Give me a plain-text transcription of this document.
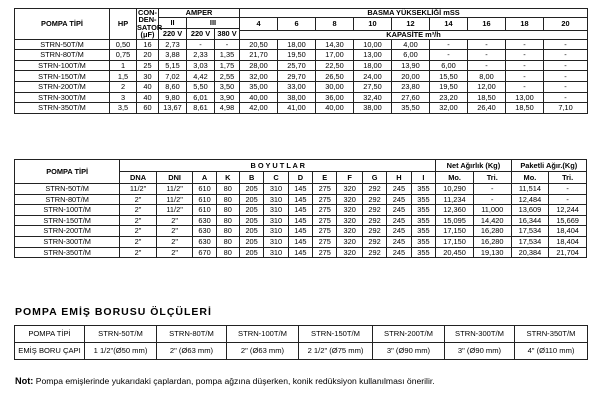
POMPA TİPİ	HP	CON-
DEN-
SATOR
(μF)	AMPER			BASMA YÜKSEKLİĞİ mSS								
			II	III		4	6	8	10	12	14	16	18	20
			220 V	220 V	380 V									
						KAPASİTE m³/h								
STRN-50T/M	0,50	16	2,73	-	-	20,50	18,00	14,30	10,00	4,00	-	-	-	-
STRN-80T/M	0,75	20	3,88	2,33	1,35	21,70	19,50	17,00	13,00	6,00	-	-	-	-
STRN-100T/M	1	25	5,15	3,03	1,75	28,00	25,70	22,50	18,00	13,90	6,00	-	-	-
STRN-150T/M	1,5	30	7,02	4,42	2,55	32,00	29,70	26,50	24,00	20,00	15,50	8,00	-	-
STRN-200T/M	2	40	8,60	5,50	3,50	35,00	33,00	30,00	27,50	23,80	19,50	12,00	-	-
STRN-300T/M	3	40	9,80	6,01	3,90	40,00	38,00	36,00	32,40	27,60	23,20	18,50	13,00	-
STRN-350T/M	3,5	60	13,67	8,61	4,98	42,00	41,00	40,00	38,00	35,50	32,00	26,40	18,50	7,10
POMPA TİPİ	B O Y U T L A R												Net Ağırlık (Kg)		Paketli Ağır.(Kg)	
	DNA	DNI	A	K	B	C	D	E	F	G	H	I	Mo.	Tri.	Mo.	Tri.
STRN-50T/M	11/2"	11/2"	610	80	205	310	145	275	320	292	245	355	10,290	-	11,514	-
STRN-80T/M	2"	11/2"	610	80	205	310	145	275	320	292	245	355	11,234	-	12,484	-
STRN-100T/M	2"	11/2"	610	80	205	310	145	275	320	292	245	355	12,360	11,000	13,609	12,244
STRN-150T/M	2"	2"	630	80	205	310	145	275	320	292	245	355	15,095	14,420	16,344	15,669
STRN-200T/M	2"	2"	630	80	205	310	145	275	320	292	245	355	17,150	16,280	17,534	18,404
STRN-300T/M	2"	2"	630	80	205	310	145	275	320	292	245	355	17,150	16,280	17,534	18,404
STRN-350T/M	2"	2"	670	80	205	310	145	275	320	292	245	355	20,450	19,130	20,384	21,704
POMPA EMİŞ BORUSU ÖLÇÜLERİ
POMPA TİPİ	STRN-50T/M	STRN-80T/M	STRN-100T/M	STRN-150T/M	STRN-200T/M	STRN-300T/M	STRN-350T/M
EMİŞ BORU ÇAPI	1 1/2"(Ø50 mm)	2" (Ø63 mm)	2" (Ø63 mm)	2 1/2" (Ø75 mm)	3" (Ø90 mm)	3" (Ø90 mm)	4" (Ø110 mm)
Not: Pompa emişlerinde yukarıdaki çaplardan, pompa ağzına düşerken, konik redüksiyon kullanılması önerilir.
